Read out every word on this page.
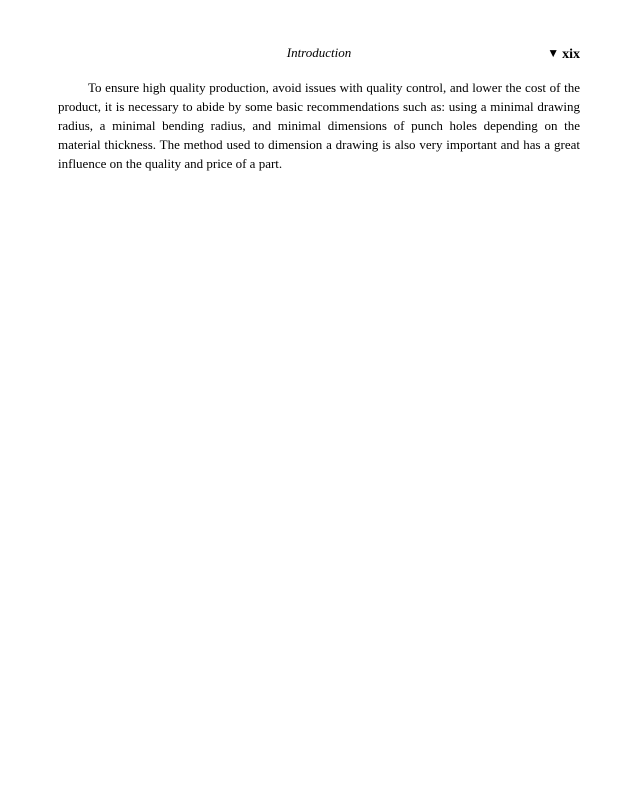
Introduction	▼ xix

To ensure high quality production, avoid issues with quality control, and lower the cost of the product, it is necessary to abide by some basic recommendations such as: using a minimal drawing radius, a minimal bending radius, and minimal dimensions of punch holes depending on the material thickness. The method used to dimension a drawing is also very important and has a great influence on the quality and price of a part.
